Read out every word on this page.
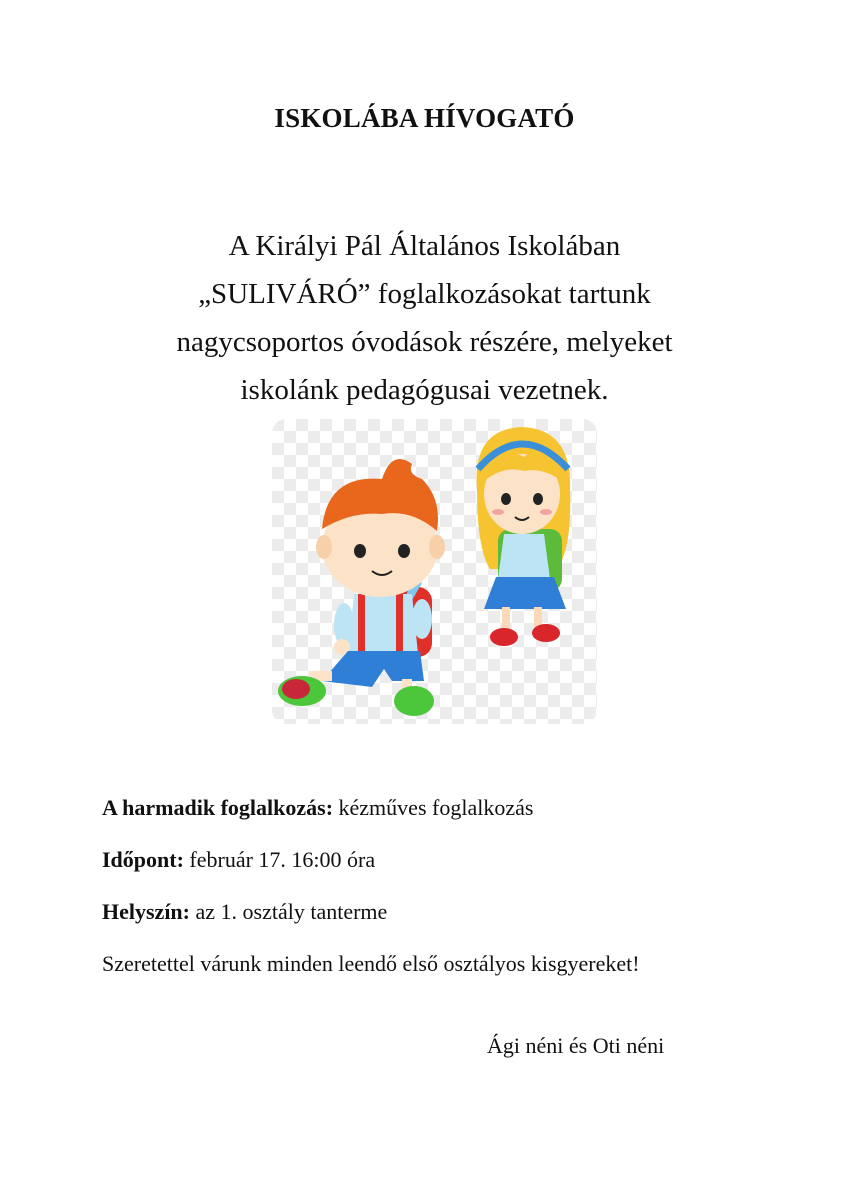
ISKOLÁBA HÍVOGATÓ

A Királyi Pál Általános Iskolában
„SULIVÁRÓ” foglalkozásokat tartunk
nagycsoportos óvodások részére, melyeket
iskolánk pedagógusai vezetnek.

A harmadik foglalkozás: kézműves foglalkozás

Időpont: február 17. 16:00 óra

Helyszín: az 1. osztály tanterme

Szeretettel várunk minden leendő első osztályos kisgyereket!

Ági néni és Oti néni
